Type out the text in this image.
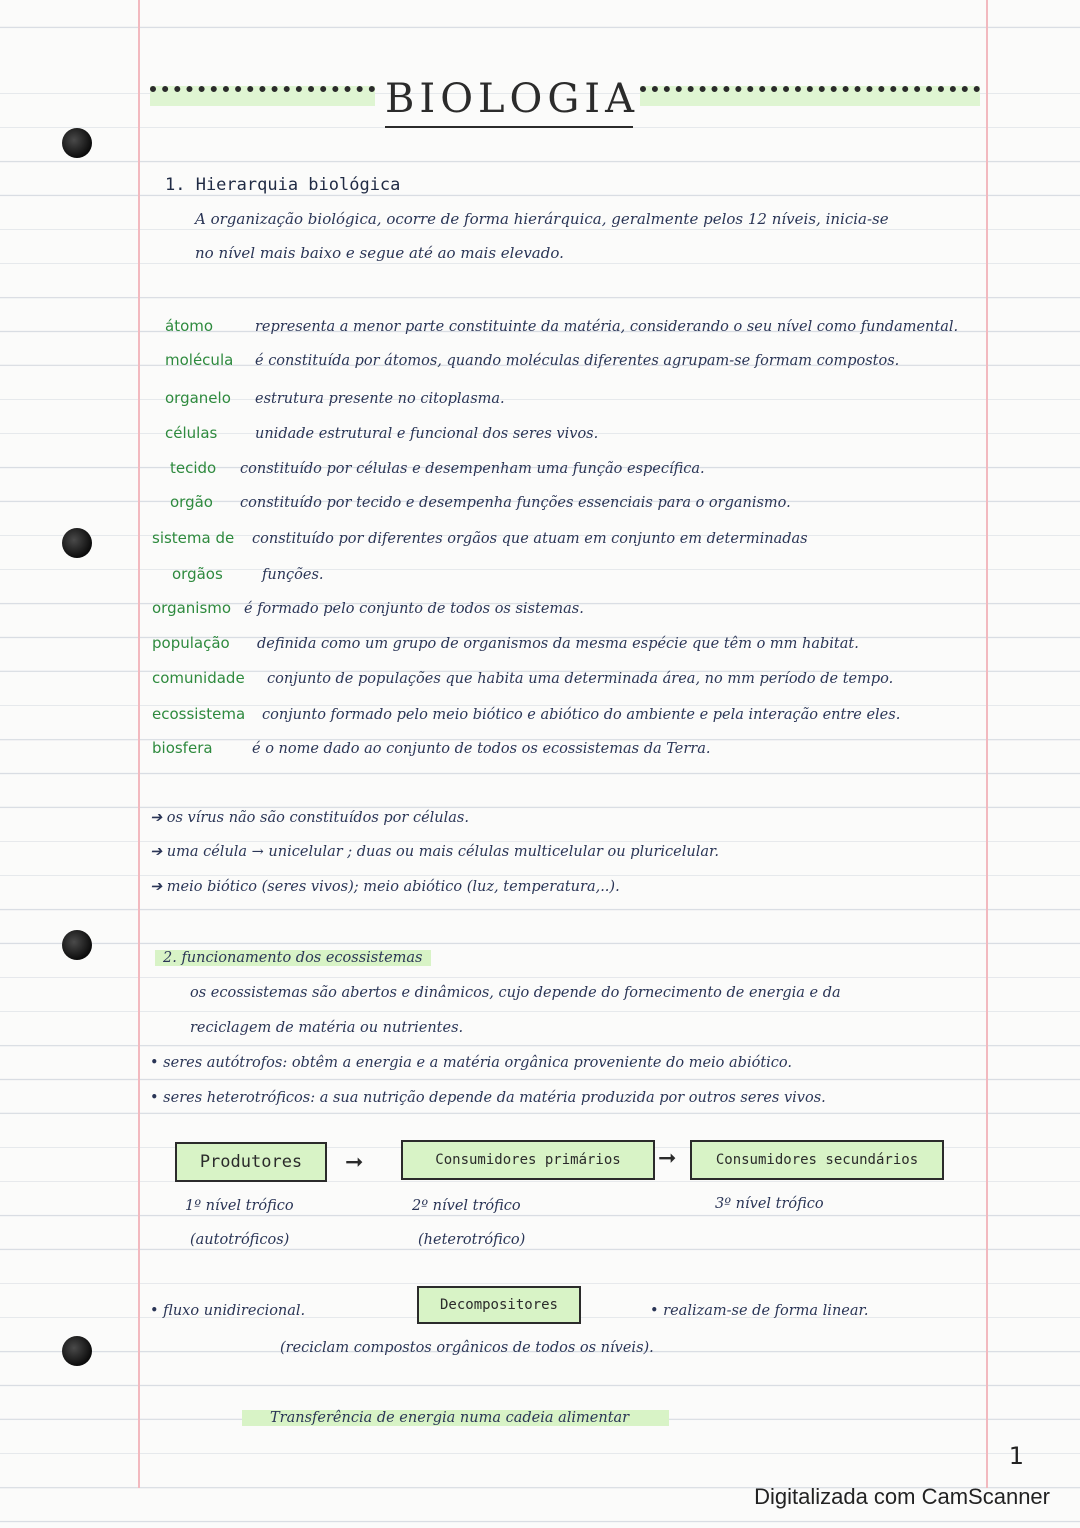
BIOLOGIA
1. Hierarquia biológica
A organização biológica, ocorre de forma hierárquica, geralmente pelos 12 níveis, inicia-se
no nível mais baixo e segue até ao mais elevado.
átomo	representa a menor parte constituinte da matéria, considerando o seu nível como fundamental.
molécula é constituída por átomos, quando moléculas diferentes agrupam-se formam compostos.
organelo estrutura presente no citoplasma.
células	unidade estrutural e funcional dos seres vivos.
tecido constituído por células e desempenham uma função específica.
orgão constituído por tecido e desempenha funções essenciais para o organismo.
sistema de constituído por diferentes orgãos que atuam em conjunto em determinadas
orgãos	funções.
organismo é formado pelo conjunto de todos os sistemas.
população definida como um grupo de organismos da mesma espécie que têm o mm habitat.
comunidade conjunto de populações que habita uma determinada área, no mm período de tempo.
ecossistema conjunto formado pelo meio biótico e abiótico do ambiente e pela interação entre eles.
biosfera	é o nome dado ao conjunto de todos os ecossistemas da Terra.
➔ os vírus não são constituídos por células.
➔ uma célula → unicelular ; duas ou mais células multicelular ou pluricelular.
➔ meio biótico (seres vivos); meio abiótico (luz, temperatura,..).
2. funcionamento dos ecossistemas
os ecossistemas são abertos e dinâmicos, cujo depende do fornecimento de energia e da
reciclagem de matéria ou nutrientes.
• seres autótrofos: obtêm a energia e a matéria orgânica proveniente do meio abiótico.
• seres heterotróficos: a sua nutrição depende da matéria produzida por outros seres vivos.
Produtores	➞	Consumidores primários	➞	Consumidores secundários
1º nível trófico
(autotróficos)
2º nível trófico
(heterotrófico)
3º nível trófico
Decompositores
• fluxo unidirecional.	• realizam-se de forma linear.
(reciclam compostos orgânicos de todos os níveis).
Transferência de energia numa cadeia alimentar
1
Digitalizada com CamScanner
